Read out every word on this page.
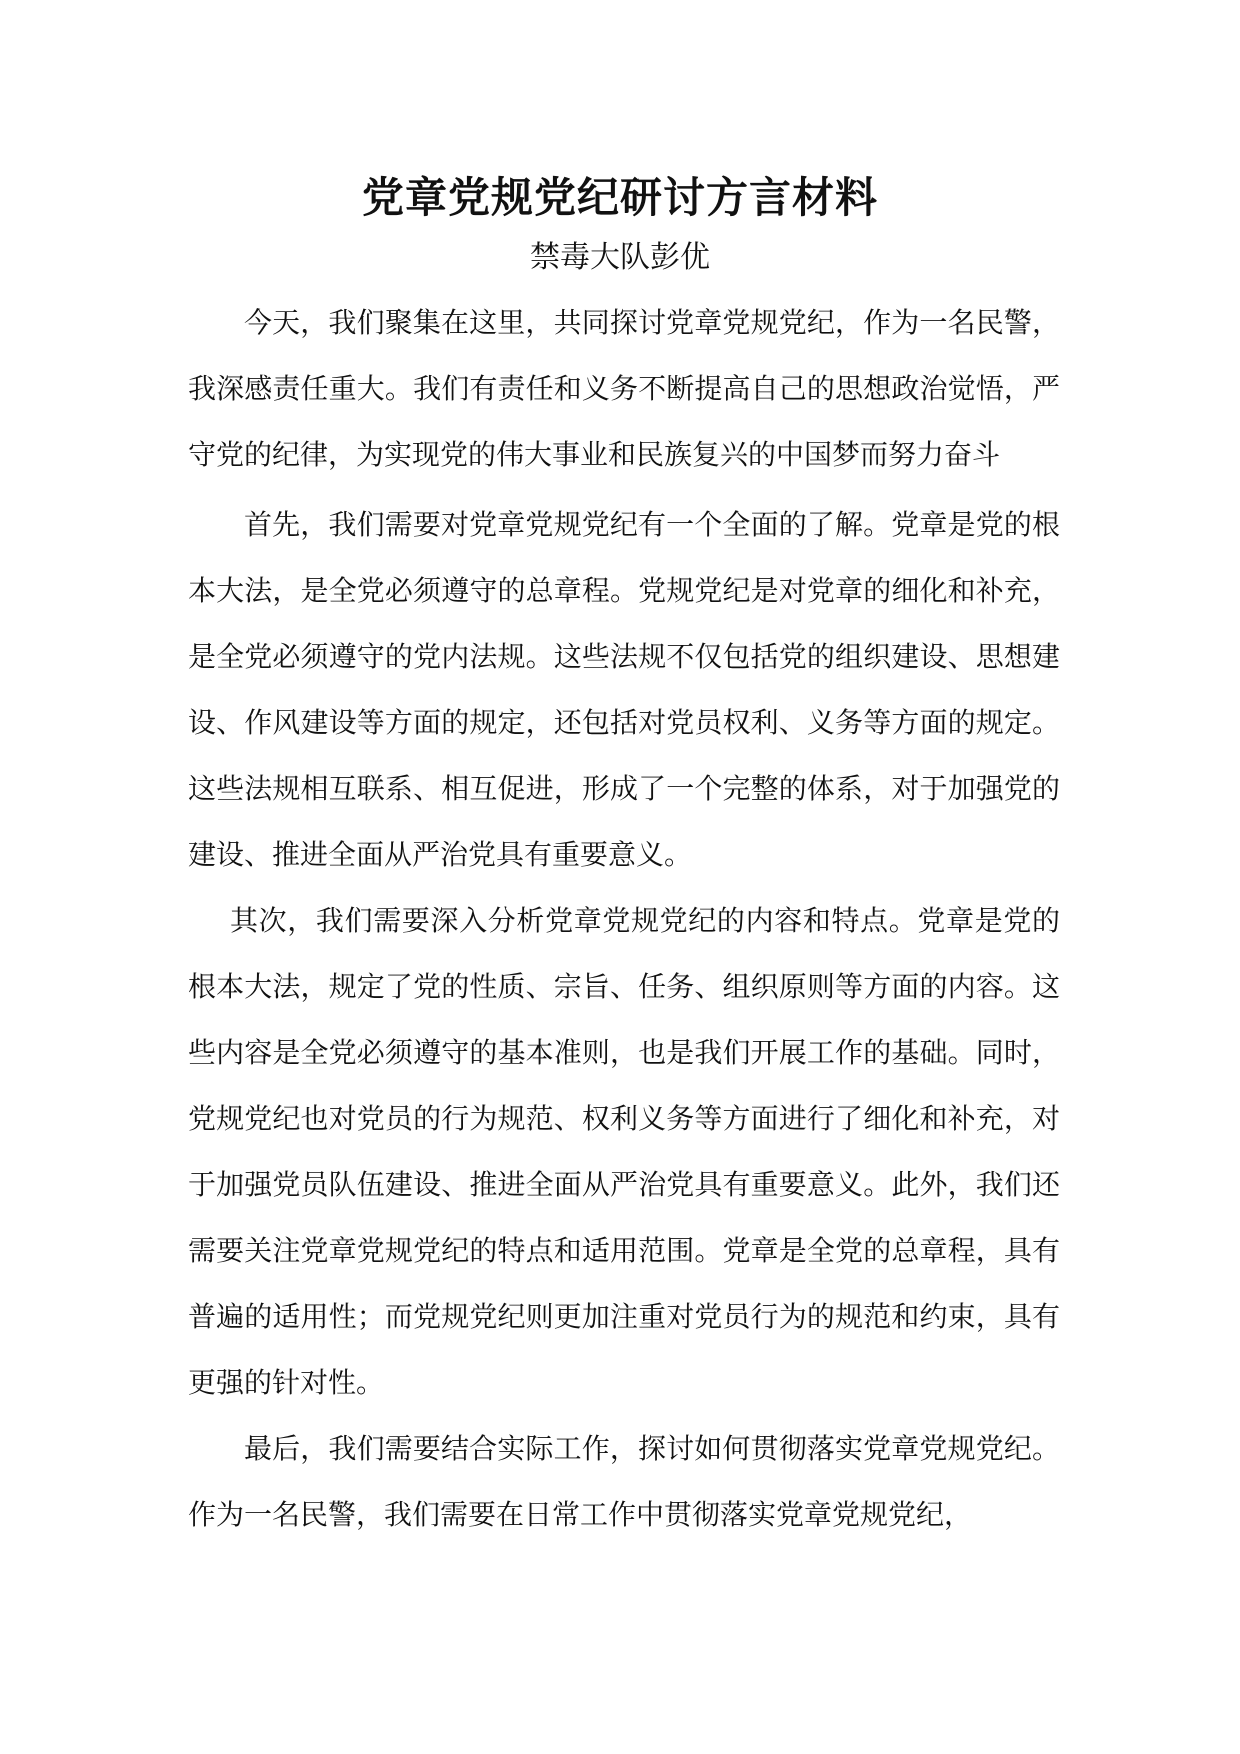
党章党规党纪研讨方言材料

禁毒大队彭优

今天，我们聚集在这里，共同探讨党章党规党纪，作为一名民警，我深感责任重大。我们有责任和义务不断提高自己的思想政治觉悟，严守党的纪律，为实现党的伟大事业和民族复兴的中国梦而努力奋斗

首先，我们需要对党章党规党纪有一个全面的了解。党章是党的根本大法，是全党必须遵守的总章程。党规党纪是对党章的细化和补充，是全党必须遵守的党内法规。这些法规不仅包括党的组织建设、思想建设、作风建设等方面的规定，还包括对党员权利、义务等方面的规定。这些法规相互联系、相互促进，形成了一个完整的体系，对于加强党的建设、推进全面从严治党具有重要意义。

其次，我们需要深入分析党章党规党纪的内容和特点。党章是党的根本大法，规定了党的性质、宗旨、任务、组织原则等方面的内容。这些内容是全党必须遵守的基本准则，也是我们开展工作的基础。同时，党规党纪也对党员的行为规范、权利义务等方面进行了细化和补充，对于加强党员队伍建设、推进全面从严治党具有重要意义。此外，我们还需要关注党章党规党纪的特点和适用范围。党章是全党的总章程，具有普遍的适用性；而党规党纪则更加注重对党员行为的规范和约束，具有更强的针对性。

最后，我们需要结合实际工作，探讨如何贯彻落实党章党规党纪。作为一名民警，我们需要在日常工作中贯彻落实党章党规党纪，
